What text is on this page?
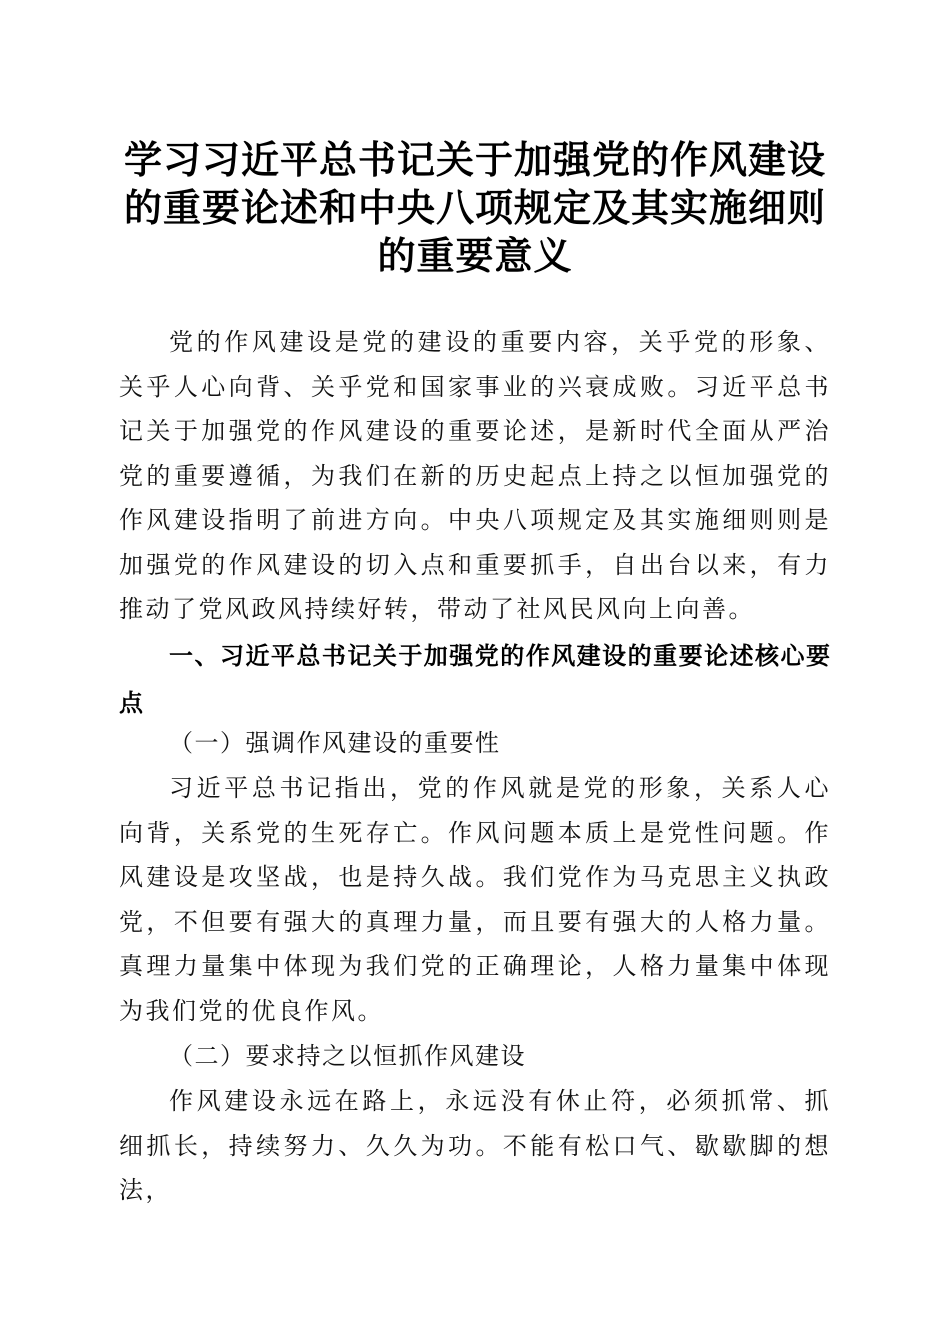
学习习近平总书记关于加强党的作风建设的重要论述和中央八项规定及其实施细则的重要意义

党的作风建设是党的建设的重要内容，关乎党的形象、关乎人心向背、关乎党和国家事业的兴衰成败。习近平总书记关于加强党的作风建设的重要论述，是新时代全面从严治党的重要遵循，为我们在新的历史起点上持之以恒加强党的作风建设指明了前进方向。中央八项规定及其实施细则则是加强党的作风建设的切入点和重要抓手，自出台以来，有力推动了党风政风持续好转，带动了社风民风向上向善。

一、习近平总书记关于加强党的作风建设的重要论述核心要点

（一）强调作风建设的重要性

习近平总书记指出，党的作风就是党的形象，关系人心向背，关系党的生死存亡。作风问题本质上是党性问题。作风建设是攻坚战，也是持久战。我们党作为马克思主义执政党，不但要有强大的真理力量，而且要有强大的人格力量。真理力量集中体现为我们党的正确理论，人格力量集中体现为我们党的优良作风。

（二）要求持之以恒抓作风建设

作风建设永远在路上，永远没有休止符，必须抓常、抓细抓长，持续努力、久久为功。不能有松口气、歇歇脚的想法，
